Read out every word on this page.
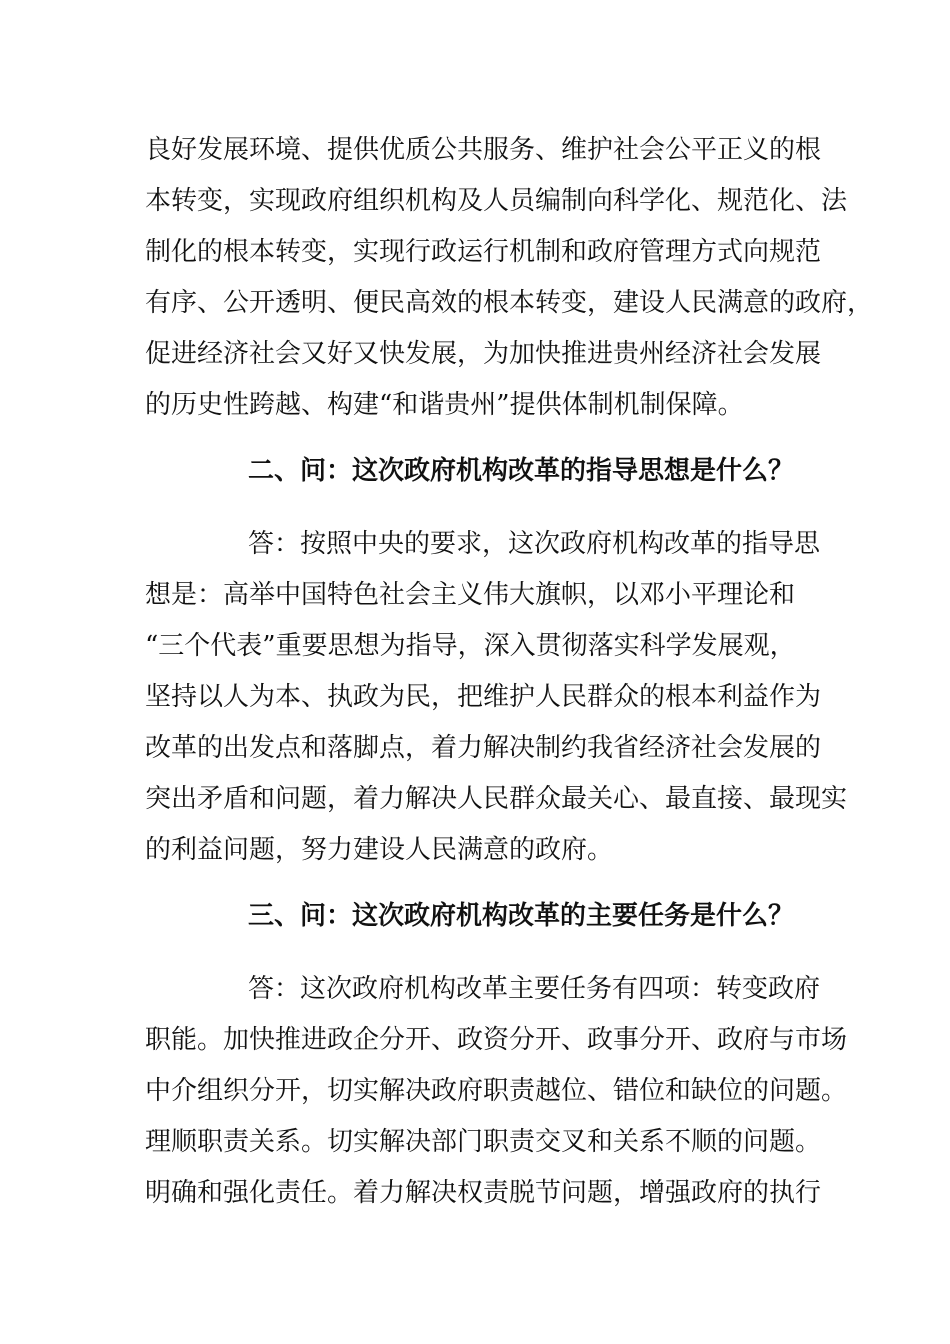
良好发展环境、提供优质公共服务、维护社会公平正义的根
本转变，实现政府组织机构及人员编制向科学化、规范化、法
制化的根本转变，实现行政运行机制和政府管理方式向规范
有序、公开透明、便民高效的根本转变，建设人民满意的政府，
促进经济社会又好又快发展，为加快推进贵州经济社会发展
的历史性跨越、构建“和谐贵州”提供体制机制保障。
二、问：这次政府机构改革的指导思想是什么？
答：按照中央的要求，这次政府机构改革的指导思
想是：高举中国特色社会主义伟大旗帜，以邓小平理论和
“三个代表”重要思想为指导，深入贯彻落实科学发展观，
坚持以人为本、执政为民，把维护人民群众的根本利益作为
改革的出发点和落脚点，着力解决制约我省经济社会发展的
突出矛盾和问题，着力解决人民群众最关心、最直接、最现实
的利益问题，努力建设人民满意的政府。
三、问：这次政府机构改革的主要任务是什么？
答：这次政府机构改革主要任务有四项：转变政府
职能。加快推进政企分开、政资分开、政事分开、政府与市场
中介组织分开，切实解决政府职责越位、错位和缺位的问题。
理顺职责关系。切实解决部门职责交叉和关系不顺的问题。
明确和强化责任。着力解决权责脱节问题，增强政府的执行
